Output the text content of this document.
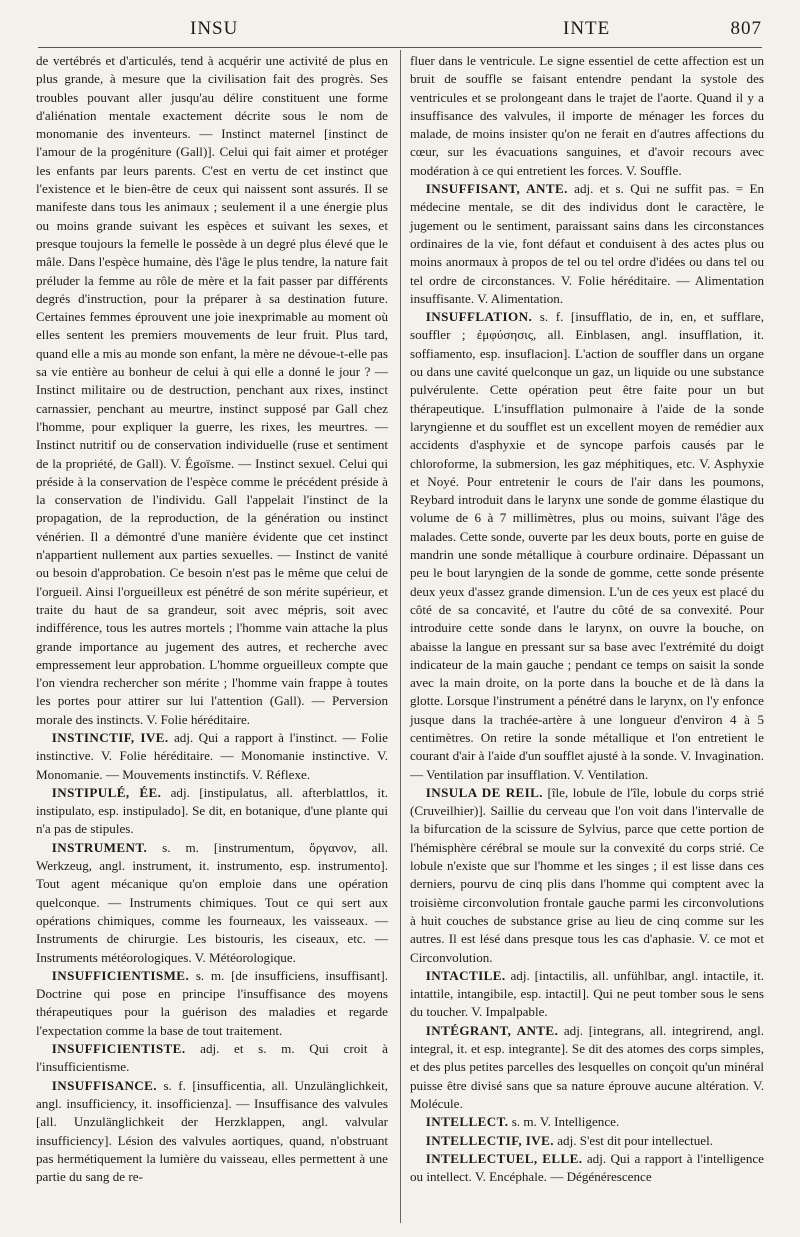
INSU	INTE	807

de vertébrés et d'articulés, tend à acquérir une activité de plus en plus grande, à mesure que la civilisation fait des progrès. Ses troubles pouvant aller jusqu'au délire constituent une forme d'aliénation mentale exactement décrite sous le nom de monomanie des inventeurs. — Instinct maternel [instinct de l'amour de la progéniture (Gall)]. Celui qui fait aimer et protéger les enfants par leurs parents. C'est en vertu de cet instinct que l'existence et le bien-être de ceux qui naissent sont assurés. Il se manifeste dans tous les animaux ; seulement il a une énergie plus ou moins grande suivant les espèces et suivant les sexes, et presque toujours la femelle le possède à un degré plus élevé que le mâle. Dans l'espèce humaine, dès l'âge le plus tendre, la nature fait préluder la femme au rôle de mère et la fait passer par différents degrés d'instruction, pour la préparer à sa destination future. Certaines femmes éprouvent une joie inexprimable au moment où elles sentent les premiers mouvements de leur fruit. Plus tard, quand elle a mis au monde son enfant, la mère ne dévoue-t-elle pas sa vie entière au bonheur de celui à qui elle a donné le jour ? — Instinct militaire ou de destruction, penchant aux rixes, instinct carnassier, penchant au meurtre, instinct supposé par Gall chez l'homme, pour expliquer la guerre, les rixes, les meurtres. — Instinct nutritif ou de conservation individuelle (ruse et sentiment de la propriété, de Gall). V. Égoïsme. — Instinct sexuel. Celui qui préside à la conservation de l'espèce comme le précédent préside à la conservation de l'individu. Gall l'appelait l'instinct de la propagation, de la reproduction, de la génération ou instinct vénérien. Il a démontré d'une manière évidente que cet instinct n'appartient nullement aux parties sexuelles. — Instinct de vanité ou besoin d'approbation. Ce besoin n'est pas le même que celui de l'orgueil. Ainsi l'orgueilleux est pénétré de son mérite supérieur, et traite du haut de sa grandeur, soit avec mépris, soit avec indifférence, tous les autres mortels ; l'homme vain attache la plus grande importance au jugement des autres, et recherche avec empressement leur approbation. L'homme orgueilleux compte que l'on viendra rechercher son mérite ; l'homme vain frappe à toutes les portes pour attirer sur lui l'attention (Gall). — Perversion morale des instincts. V. Folie héréditaire.

INSTINCTIF, IVE. adj. Qui a rapport à l'instinct. — Folie instinctive. V. Folie héréditaire. — Monomanie instinctive. V. Monomanie. — Mouvements instinctifs. V. Réflexe.

INSTIPULÉ, ÉE. adj. [instipulatus, all. afterblattlos, it. instipulato, esp. instipulado]. Se dit, en botanique, d'une plante qui n'a pas de stipules.

INSTRUMENT. s. m. [instrumentum, ὄργανον, all. Werkzeug, angl. instrument, it. instrumento, esp. instrumento]. Tout agent mécanique qu'on emploie dans une opération quelconque. — Instruments chimiques. Tout ce qui sert aux opérations chimiques, comme les fourneaux, les vaisseaux. — Instruments de chirurgie. Les bistouris, les ciseaux, etc. — Instruments météorologiques. V. Météorologique.

INSUFFICIENTISME. s. m. [de insufficiens, insuffisant]. Doctrine qui pose en principe l'insuffisance des moyens thérapeutiques pour la guérison des maladies et regarde l'expectation comme la base de tout traitement.

INSUFFICIENTISTE. adj. et s. m. Qui croit à l'insufficientisme.

INSUFFISANCE. s. f. [insufficentia, all. Unzulänglichkeit, angl. insufficiency, it. insofficienza]. — Insuffisance des valvules [all. Unzulänglichkeit der Herzklappen, angl. valvular insufficiency]. Lésion des valvules aortiques, quand, n'obstruant pas hermétiquement la lumière du vaisseau, elles permettent à une partie du sang de re-

fluer dans le ventricule. Le signe essentiel de cette affection est un bruit de souffle se faisant entendre pendant la systole des ventricules et se prolongeant dans le trajet de l'aorte. Quand il y a insuffisance des valvules, il importe de ménager les forces du malade, de moins insister qu'on ne ferait en d'autres affections du cœur, sur les évacuations sanguines, et d'avoir recours avec modération à ce qui entretient les forces. V. Souffle.

INSUFFISANT, ANTE. adj. et s. Qui ne suffit pas. = En médecine mentale, se dit des individus dont le caractère, le jugement ou le sentiment, paraissant sains dans les circonstances ordinaires de la vie, font défaut et conduisent à des actes plus ou moins anormaux à propos de tel ou tel ordre d'idées ou dans tel ou tel ordre de circonstances. V. Folie héréditaire. — Alimentation insuffisante. V. Alimentation.

INSUFFLATION. s. f. [insufflatio, de in, en, et sufflare, souffler ; ἐμφύσησις, all. Einblasen, angl. insufflation, it. soffiamento, esp. insuflacion]. L'action de souffler dans un organe ou dans une cavité quelconque un gaz, un liquide ou une substance pulvérulente. Cette opération peut être faite pour un but thérapeutique. L'insufflation pulmonaire à l'aide de la sonde laryngienne et du soufflet est un excellent moyen de remédier aux accidents d'asphyxie et de syncope parfois causés par le chloroforme, la submersion, les gaz méphitiques, etc. V. Asphyxie et Noyé. Pour entretenir le cours de l'air dans les poumons, Reybard introduit dans le larynx une sonde de gomme élastique du volume de 6 à 7 millimètres, plus ou moins, suivant l'âge des malades. Cette sonde, ouverte par les deux bouts, porte en guise de mandrin une sonde métallique à courbure ordinaire. Dépassant un peu le bout laryngien de la sonde de gomme, cette sonde présente deux yeux d'assez grande dimension. L'un de ces yeux est placé du côté de sa concavité, et l'autre du côté de sa convexité. Pour introduire cette sonde dans le larynx, on ouvre la bouche, on abaisse la langue en pressant sur sa base avec l'extrémité du doigt indicateur de la main gauche ; pendant ce temps on saisit la sonde avec la main droite, on la porte dans la bouche et de là dans la glotte. Lorsque l'instrument a pénétré dans le larynx, on l'y enfonce jusque dans la trachée-artère à une longueur d'environ 4 à 5 centimètres. On retire la sonde métallique et l'on entretient le courant d'air à l'aide d'un soufflet ajusté à la sonde. V. Invagination. — Ventilation par insufflation. V. Ventilation.

INSULA DE REIL. [île, lobule de l'île, lobule du corps strié (Cruveilhier)]. Saillie du cerveau que l'on voit dans l'intervalle de la bifurcation de la scissure de Sylvius, parce que cette portion de l'hémisphère cérébral se moule sur la convexité du corps strié. Ce lobule n'existe que sur l'homme et les singes ; il est lisse dans ces derniers, pourvu de cinq plis dans l'homme qui comptent avec la troisième circonvolution frontale gauche parmi les circonvolutions à huit couches de substance grise au lieu de cinq comme sur les autres. Il est lésé dans presque tous les cas d'aphasie. V. ce mot et Circonvolution.

INTACTILE. adj. [intactilis, all. unfühlbar, angl. intactile, it. intattile, intangibile, esp. intactil]. Qui ne peut tomber sous le sens du toucher. V. Impalpable.

INTÉGRANT, ANTE. adj. [integrans, all. integrirend, angl. integral, it. et esp. integrante]. Se dit des atomes des corps simples, et des plus petites parcelles des lesquelles on conçoit qu'un minéral puisse être divisé sans que sa nature éprouve aucune altération. V. Molécule.

INTELLECT. s. m. V. Intelligence.

INTELLECTIF, IVE. adj. S'est dit pour intellectuel.

INTELLECTUEL, ELLE. adj. Qui a rapport à l'intelligence ou intellect. V. Encéphale. — Dégénérescence
